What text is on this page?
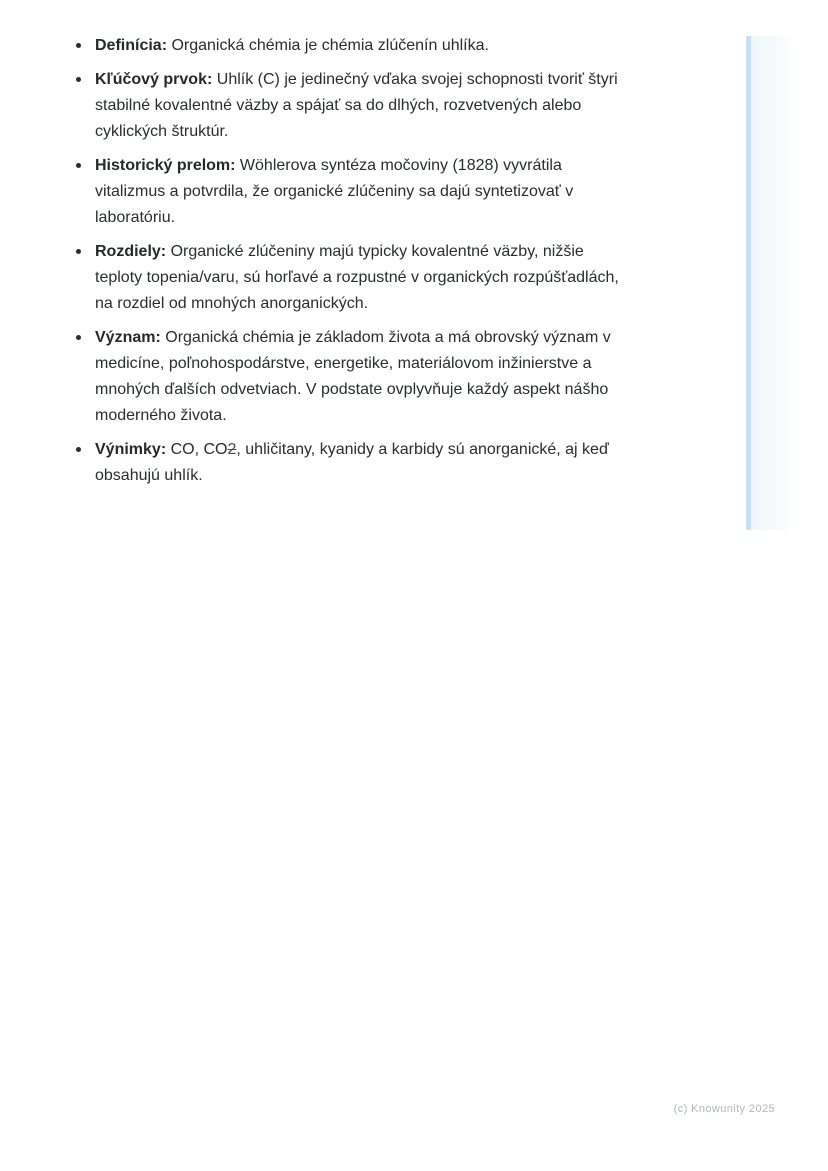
Definícia: Organická chémia je chémia zlúčenín uhlíka.

Kľúčový prvok: Uhlík (C) je jedinečný vďaka svojej schopnosti tvoriť štyri stabilné kovalentné väzby a spájať sa do dlhých, rozvetvených alebo cyklických štruktúr.

Historický prelom: Wöhlerova syntéza močoviny (1828) vyvrátila vitalizmus a potvrdila, že organické zlúčeniny sa dajú syntetizovať v laboratóriu.

Rozdiely: Organické zlúčeniny majú typicky kovalentné väzby, nižšie teploty topenia/varu, sú horľavé a rozpustné v organických rozpúšťadlách, na rozdiel od mnohých anorganických.

Význam: Organická chémia je základom života a má obrovský význam v medicíne, poľnohospodárstve, energetike, materiálovom inžinierstve a mnohých ďalších odvetviach. V podstate ovplyvňuje každý aspekt nášho moderného života.

Výnimky: CO, CO2, uhličitany, kyanidy a karbidy sú anorganické, aj keď obsahujú uhlík.

(c) Knowunity 2025
